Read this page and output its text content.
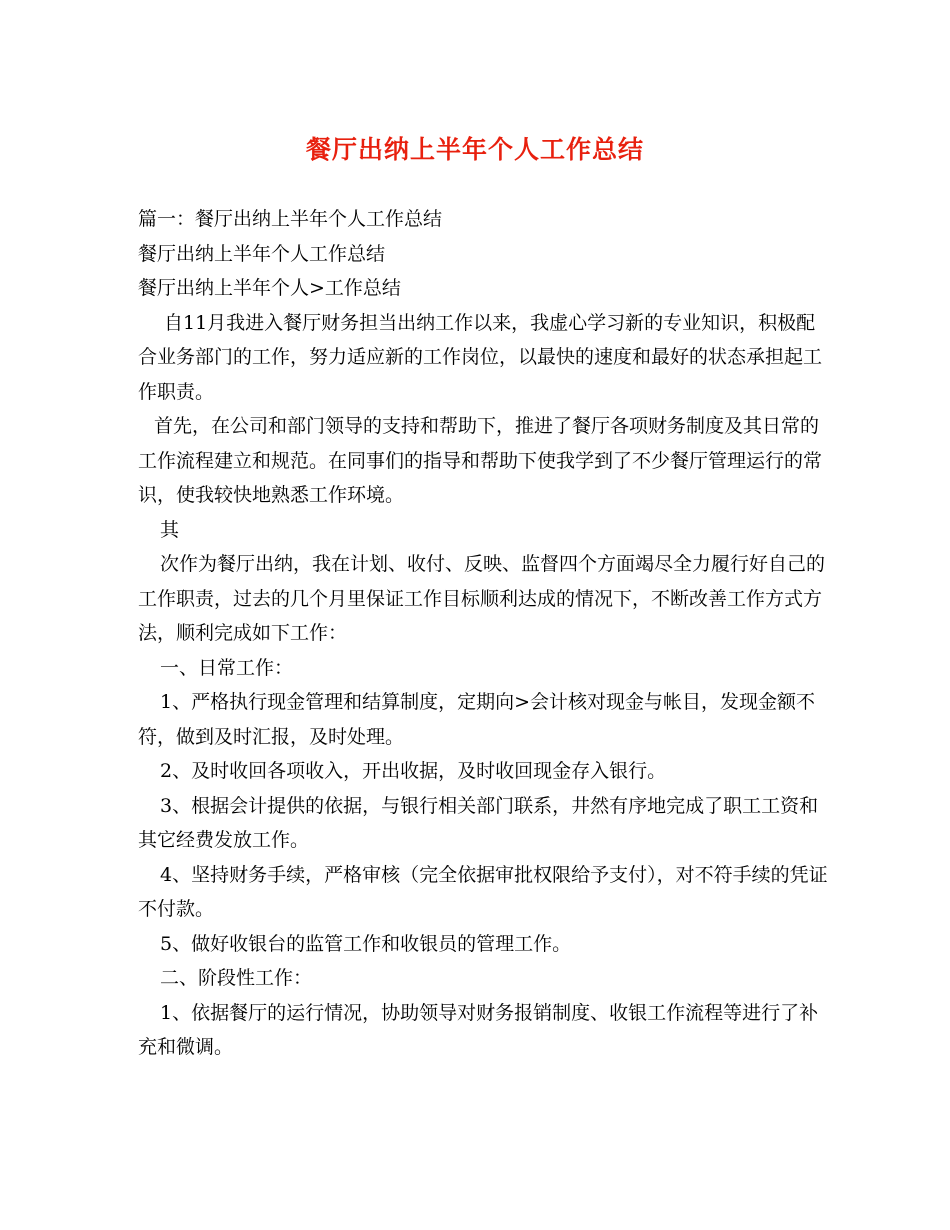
餐厅出纳上半年个人工作总结

篇一：餐厅出纳上半年个人工作总结

餐厅出纳上半年个人工作总结

餐厅出纳上半年个人>工作总结

自11月我进入餐厅财务担当出纳工作以来，我虚心学习新的专业知识，积极配合业务部门的工作，努力适应新的工作岗位，以最快的速度和最好的状态承担起工作职责。

首先，在公司和部门领导的支持和帮助下，推进了餐厅各项财务制度及其日常的工作流程建立和规范。在同事们的指导和帮助下使我学到了不少餐厅管理运行的常识，使我较快地熟悉工作环境。

其

次作为餐厅出纳，我在计划、收付、反映、监督四个方面竭尽全力履行好自己的工作职责，过去的几个月里保证工作目标顺利达成的情况下，不断改善工作方式方法，顺利完成如下工作：

一、日常工作：

1、严格执行现金管理和结算制度，定期向>会计核对现金与帐目，发现金额不符，做到及时汇报，及时处理。

2、及时收回各项收入，开出收据，及时收回现金存入银行。

3、根据会计提供的依据，与银行相关部门联系，井然有序地完成了职工工资和其它经费发放工作。

4、坚持财务手续，严格审核（完全依据审批权限给予支付），对不符手续的凭证不付款。

5、做好收银台的监管工作和收银员的管理工作。

二、阶段性工作：

1、依据餐厅的运行情况，协助领导对财务报销制度、收银工作流程等进行了补充和微调。
